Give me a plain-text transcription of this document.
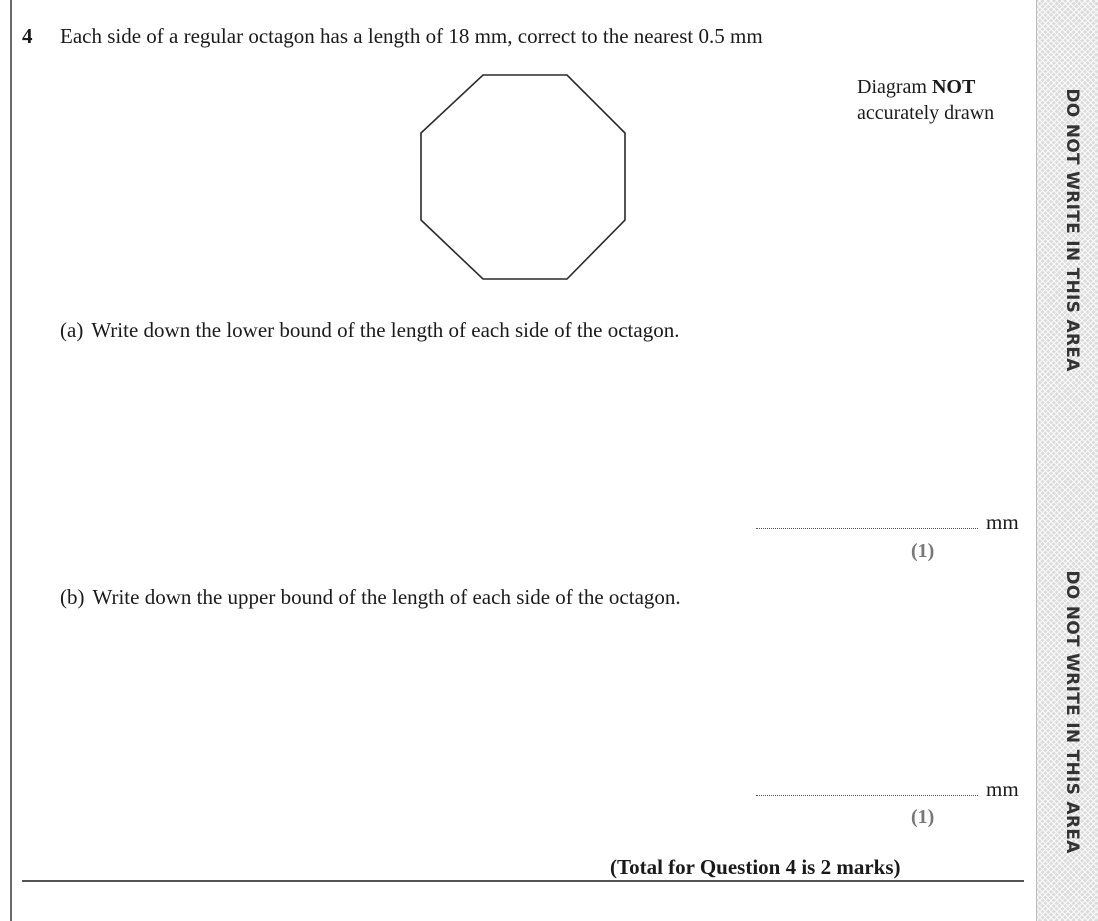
DO NOT WRITE IN THIS AREA
DO NOT WRITE IN THIS AREA
4 Each side of a regular octagon has a length of 18 mm, correct to the nearest 0.5 mm
Diagram NOT
accurately drawn
(a) Write down the lower bound of the length of each side of the octagon.
mm
(1)
(b) Write down the upper bound of the length of each side of the octagon.
mm
(1)
(Total for Question 4 is 2 marks)
